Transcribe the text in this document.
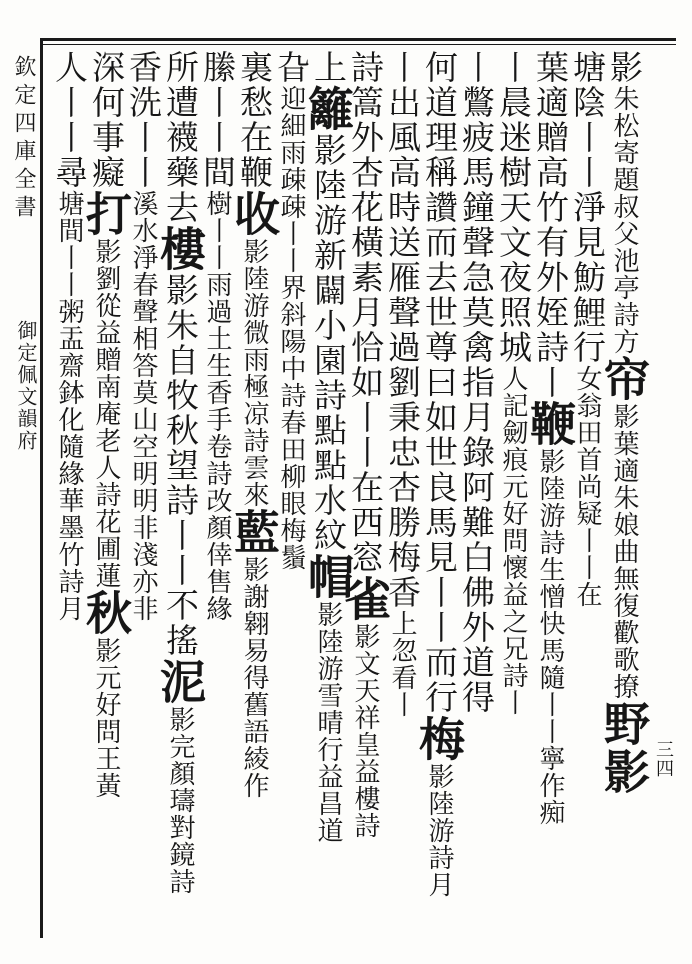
欽定四庫全書
御定佩文韻府
三四
影朱松寄題叔父池亭詩方帘影葉適朱娘曲無復歡歌撩野影
塘陰丨丨淨見魴鯉行女翁田首尚疑丨丨在
葉適贈高竹有外姪詩丨鞭影陸游詩生憎快馬隨丨丨寧作痴
丨晨迷樹天文夜照城人記劒痕元好問懷益之兄詩丨
丨鷩疲馬鐘聲急莫禽指月錄阿難白佛外道得
何道理稱讚而去世尊曰如世良馬見丨丨而行梅影陸游詩月
丨出風高時送雁聲過劉秉忠杏勝梅香上忽看丨
詩篙外杏花橫素月恰如丨丨在西窓雀影文天祥皇益樓詩
上籬影陸游新闢小園詩點點水紋帽影陸游雪晴行益昌道
旮迎細雨疎疎丨丨界斜陽中詩春田柳眼梅鬚
裏愁在鞭收影陸游微雨極凉詩雲來藍影謝翱易得舊語綾作
縢丨丨間樹丨丨雨過土生香手卷詩改顏倖售緣
所遭襪藥去樓影朱自牧秋望詩丨丨不搖泥影完顏璹對鏡詩
香洗丨丨溪水淨春聲相答莫山空明明非淺亦非
深何事癡打影劉從益贈南庵老人詩花圃蓮秋影元好問王黃
人丨丨尋塘間丨丨粥盂齋鉢化隨緣華墨竹詩月
